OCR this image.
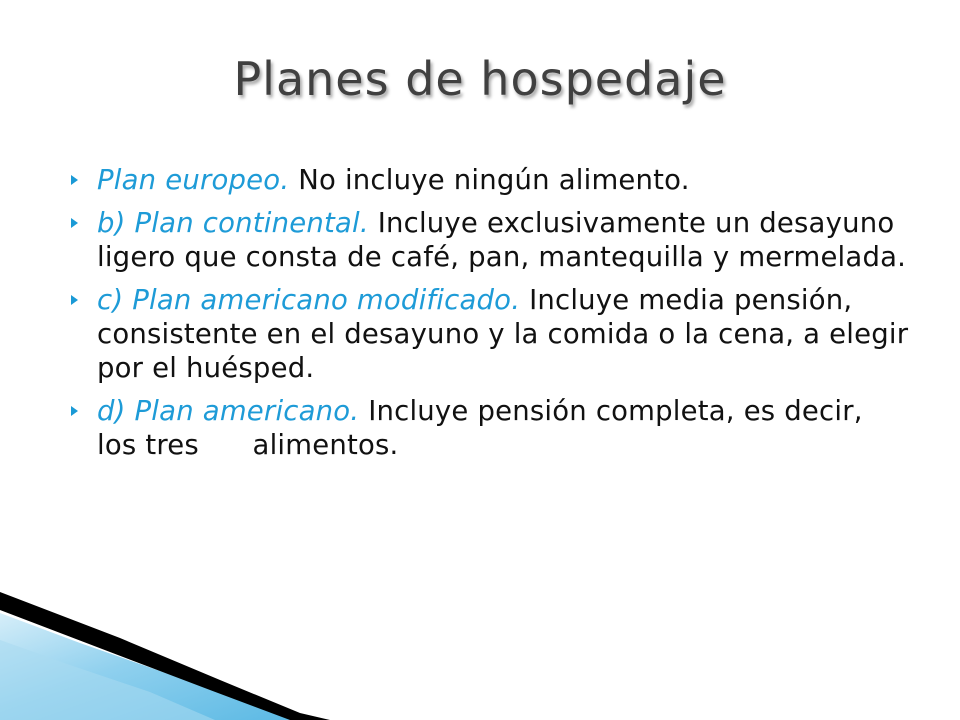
Planes de hospedaje
Plan europeo. No incluye ningún alimento.
b) Plan continental. Incluye exclusivamente un desayuno ligero que consta de café, pan, mantequilla y mermelada.
c) Plan americano modificado. Incluye media pensión, consistente en el desayuno y la comida o la cena, a elegir por el huésped.
d) Plan americano. Incluye pensión completa, es decir, los tres      alimentos.
